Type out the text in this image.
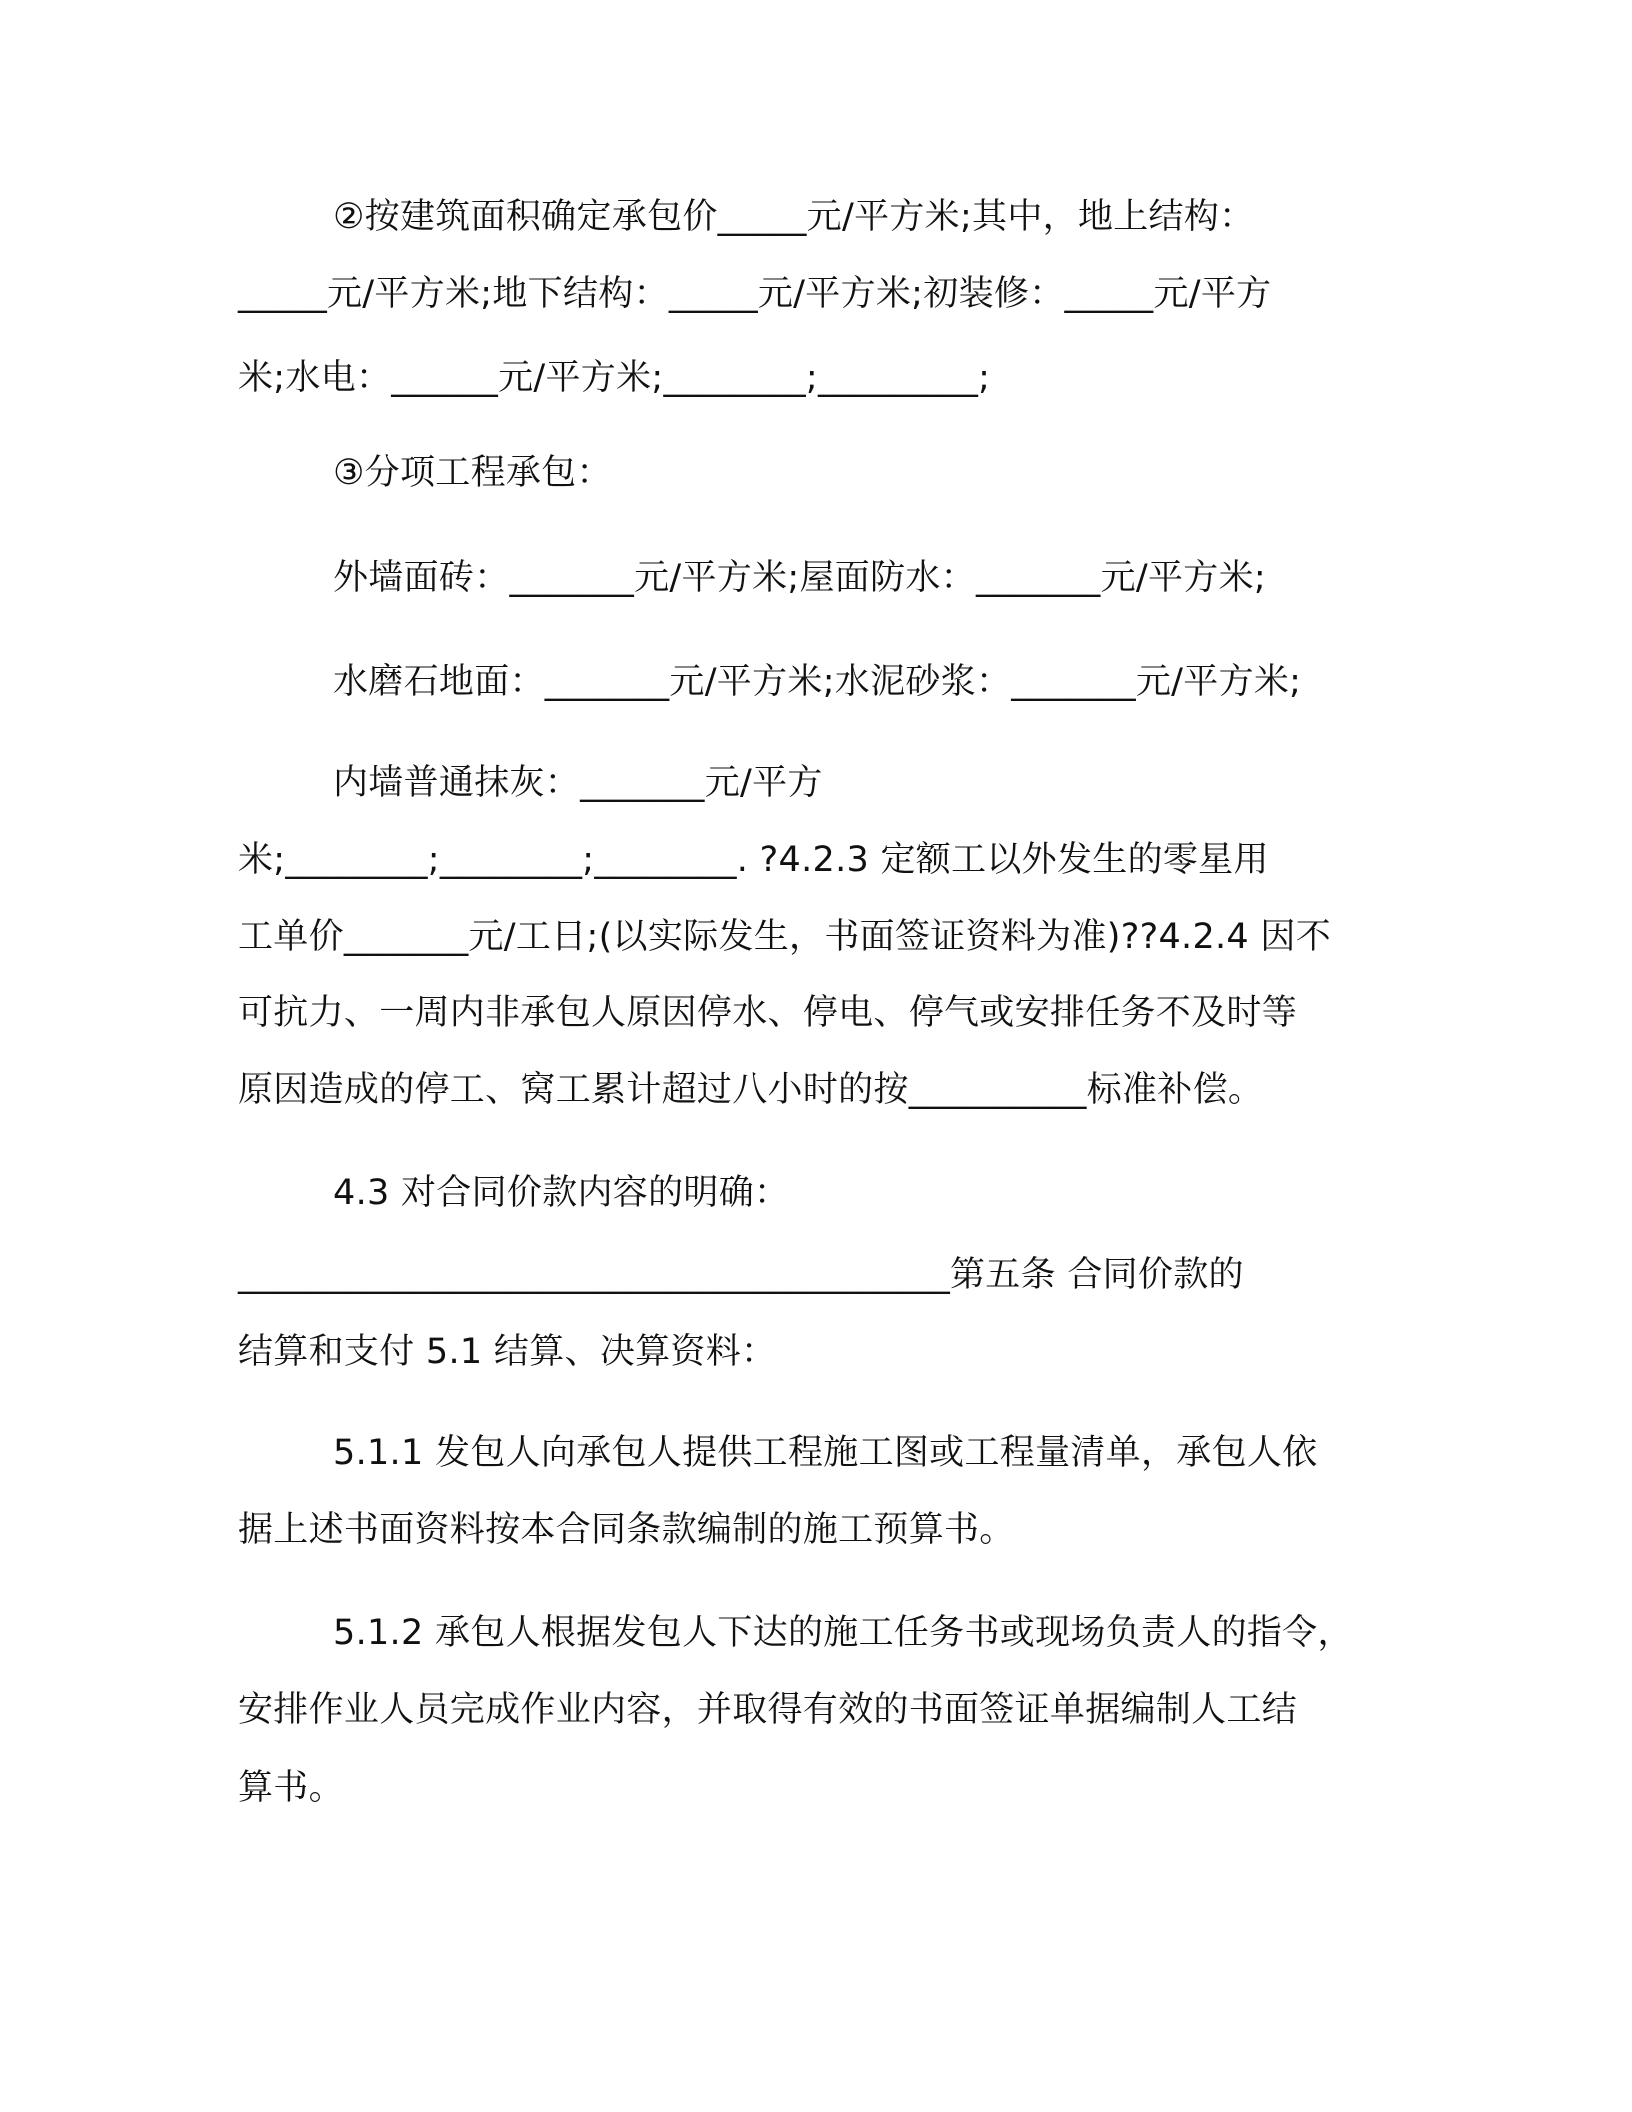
②按建筑面积确定承包价_____元/平方米;其中，地上结构：
_____元/平方米;地下结构：_____元/平方米;初装修：_____元/平方
米;水电：______元/平方米;________;_________;
③分项工程承包：
外墙面砖：_______元/平方米;屋面防水：_______元/平方米;
水磨石地面：_______元/平方米;水泥砂浆：_______元/平方米;
内墙普通抹灰：_______元/平方
米;________;________;________. ?4.2.3 定额工以外发生的零星用
工单价_______元/工日;(以实际发生，书面签证资料为准)??4.2.4 因不
可抗力、一周内非承包人原因停水、停电、停气或安排任务不及时等
原因造成的停工、窝工累计超过八小时的按__________标准补偿。
4.3 对合同价款内容的明确：
________________________________________第五条 合同价款的
结算和支付 5.1 结算、决算资料：
5.1.1 发包人向承包人提供工程施工图或工程量清单，承包人依
据上述书面资料按本合同条款编制的施工预算书。
5.1.2 承包人根据发包人下达的施工任务书或现场负责人的指令，
安排作业人员完成作业内容，并取得有效的书面签证单据编制人工结
算书。
